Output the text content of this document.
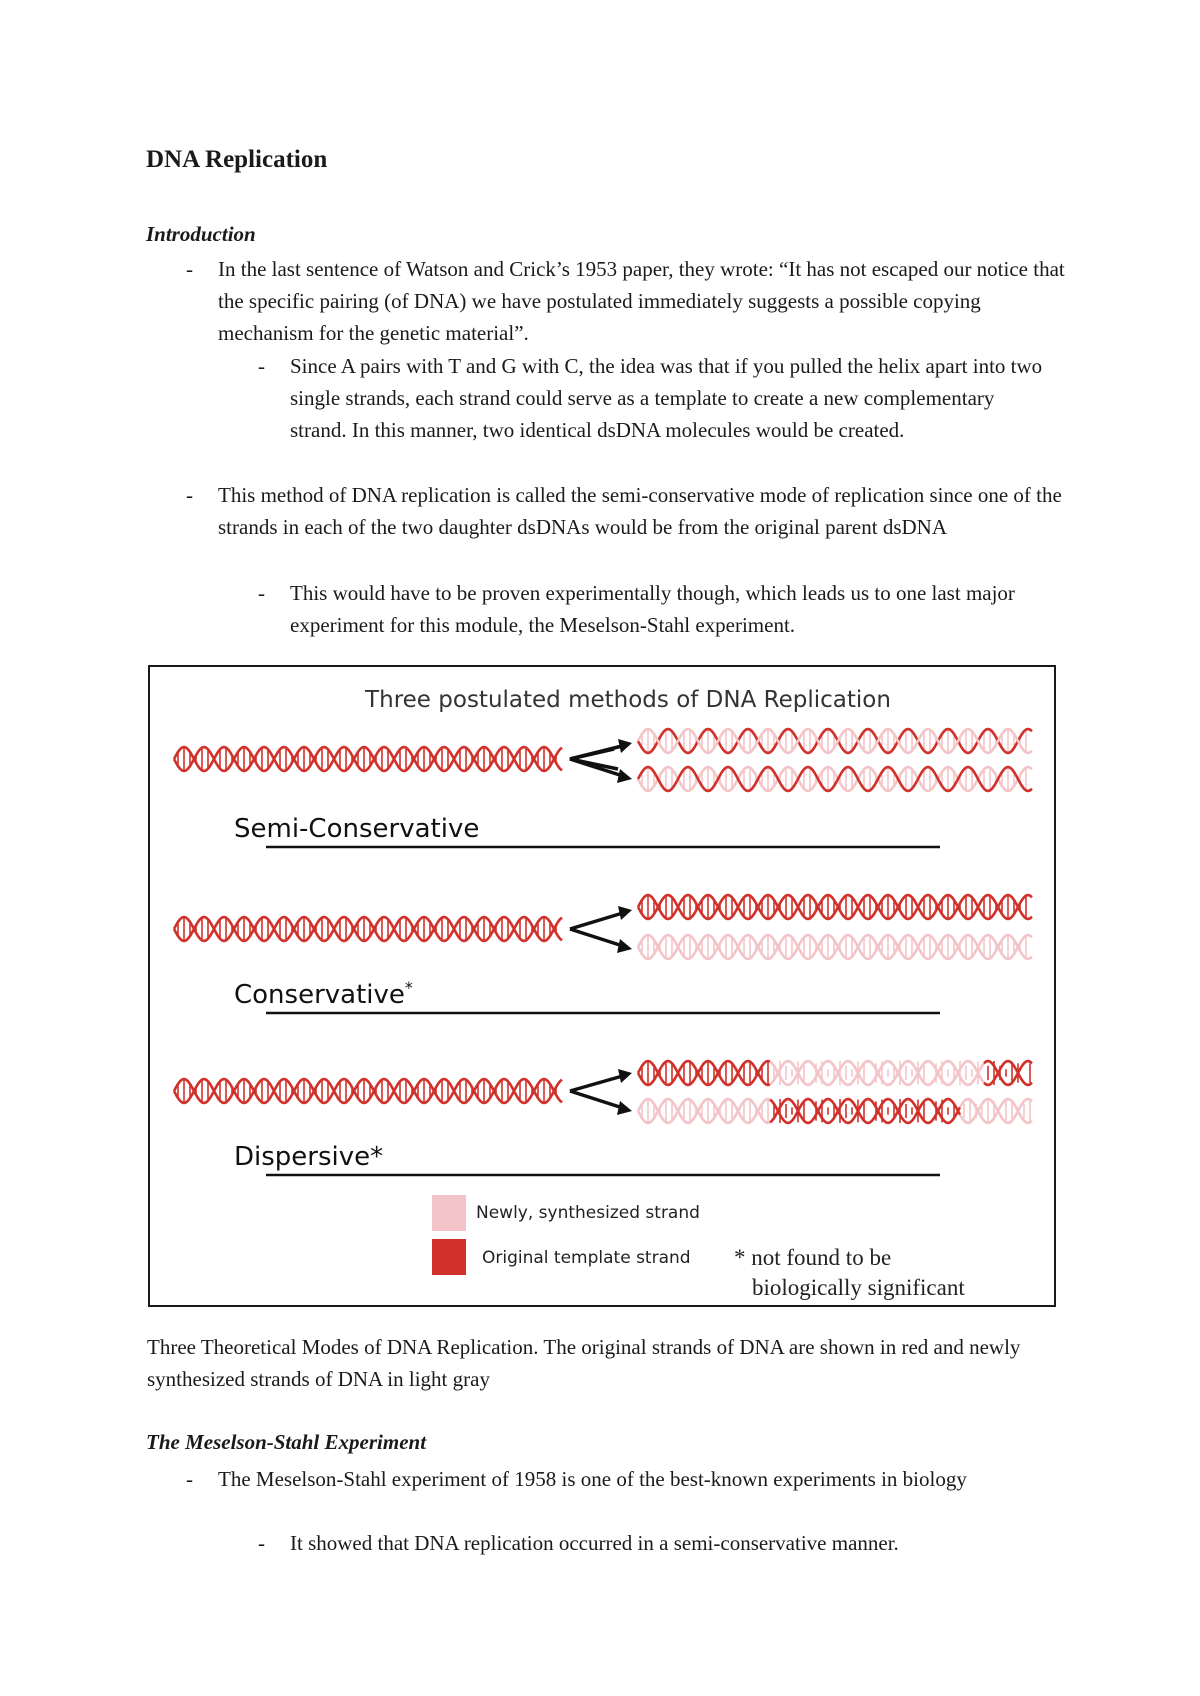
DNA Replication
Introduction
- In the last sentence of Watson and Crick’s 1953 paper, they wrote: “It has not escaped our notice that the specific pairing (of DNA) we have postulated immediately suggests a possible copying mechanism for the genetic material”.
- Since A pairs with T and G with C, the idea was that if you pulled the helix apart into two single strands, each strand could serve as a template to create a new complementary strand. In this manner, two identical dsDNA molecules would be created.
- This method of DNA replication is called the semi-conservative mode of replication since one of the strands in each of the two daughter dsDNAs would be from the original parent dsDNA
- This would have to be proven experimentally though, which leads us to one last major experiment for this module, the Meselson-Stahl experiment.
Three postulated methods of DNA Replication
Semi-Conservative
Conservative*
Dispersive*
Newly, synthesized strand
Original template strand * not found to be
biologically significant

Three Theoretical Modes of DNA Replication. The original strands of DNA are shown in red and newly synthesized strands of DNA in light gray

The Meselson-Stahl Experiment
- The Meselson-Stahl experiment of 1958 is one of the best-known experiments in biology
- It showed that DNA replication occurred in a semi-conservative manner.
